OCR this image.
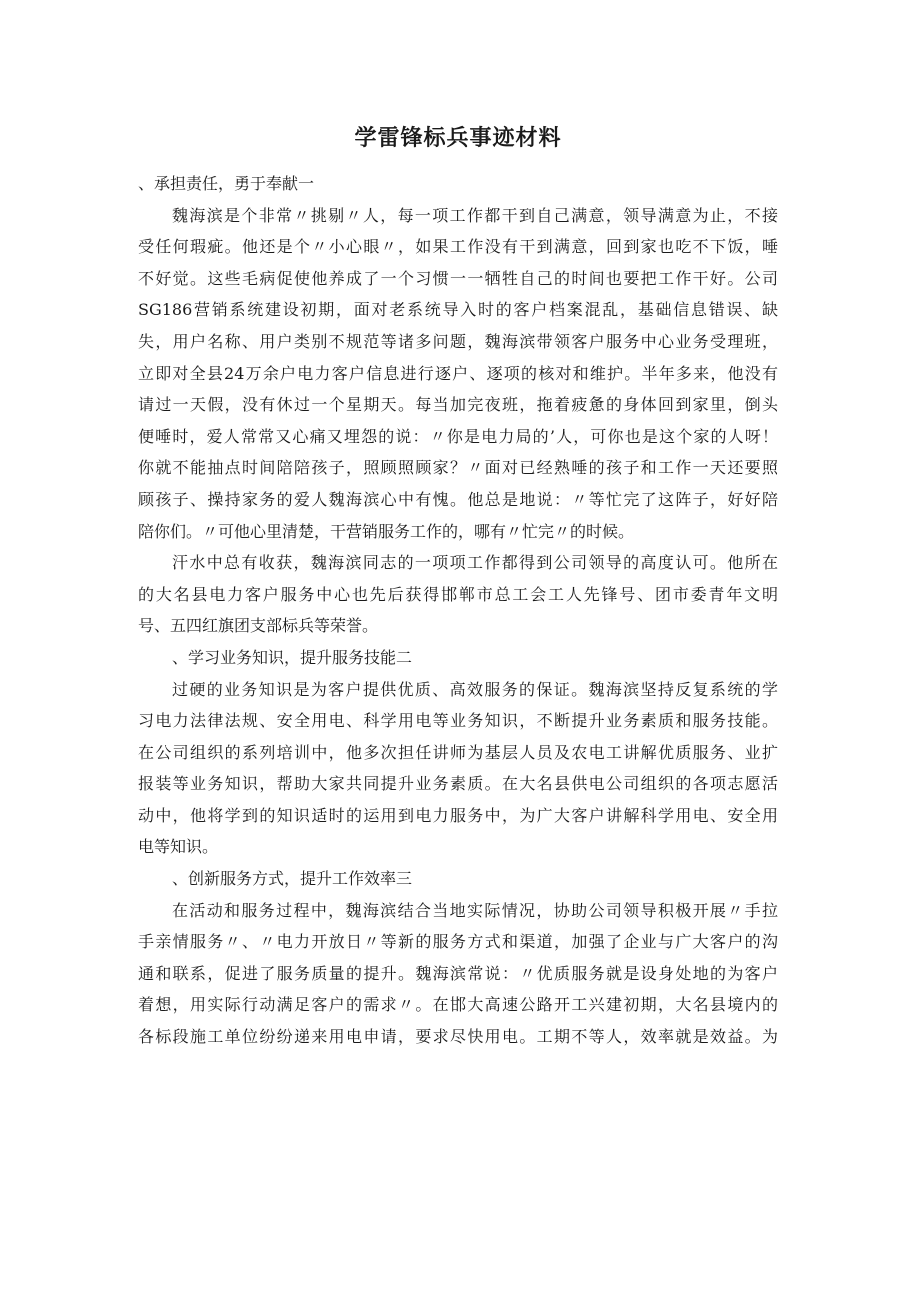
学雷锋标兵事迹材料

、承担责任，勇于奉献一

魏海滨是个非常〃挑剔〃人，每一项工作都干到自己满意，领导满意为止，不接

受任何瑕疵。他还是个〃小心眼〃，如果工作没有干到满意，回到家也吃不下饭，唾

不好觉。这些毛病促使他养成了一个习惯一一牺牲自己的时间也要把工作干好。公司

SG186营销系统建设初期，面对老系统导入时的客户档案混乱，基础信息错误、缺

失，用户名称、用户类别不规范等诸多问题，魏海滨带领客户服务中心业务受理班，

立即对全县24万余户电力客户信息进行逐户、逐项的核对和维护。半年多来，他没有

请过一天假，没有休过一个星期天。每当加完夜班，拖着疲惫的身体回到家里，倒头

便唾时，爱人常常又心痛又埋怨的说：〃你是电力局的’人，可你也是这个家的人呀！

你就不能抽点时间陪陪孩子，照顾照顾家？〃面对已经熟唾的孩子和工作一天还要照

顾孩子、操持家务的爱人魏海滨心中有愧。他总是地说：〃等忙完了这阵子，好好陪

陪你们。〃可他心里清楚，干营销服务工作的，哪有〃忙完〃的时候。

汗水中总有收获，魏海滨同志的一项项工作都得到公司领导的高度认可。他所在

的大名县电力客户服务中心也先后获得邯郸市总工会工人先锋号、团市委青年文明

号、五四红旗团支部标兵等荣誉。

、学习业务知识，提升服务技能二

过硬的业务知识是为客户提供优质、高效服务的保证。魏海滨坚持反复系统的学

习电力法律法规、安全用电、科学用电等业务知识，不断提升业务素质和服务技能。

在公司组织的系列培训中，他多次担任讲师为基层人员及农电工讲解优质服务、业扩

报装等业务知识，帮助大家共同提升业务素质。在大名县供电公司组织的各项志愿活

动中，他将学到的知识适时的运用到电力服务中，为广大客户讲解科学用电、安全用

电等知识。

、创新服务方式，提升工作效率三

在活动和服务过程中，魏海滨结合当地实际情况，协助公司领导积极开展〃手拉

手亲情服务〃、〃电力开放日〃等新的服务方式和渠道，加强了企业与广大客户的沟

通和联系，促进了服务质量的提升。魏海滨常说：〃优质服务就是设身处地的为客户

着想，用实际行动满足客户的需求〃。在邯大高速公路开工兴建初期，大名县境内的

各标段施工单位纷纷递来用电申请，要求尽快用电。工期不等人，效率就是效益。为
